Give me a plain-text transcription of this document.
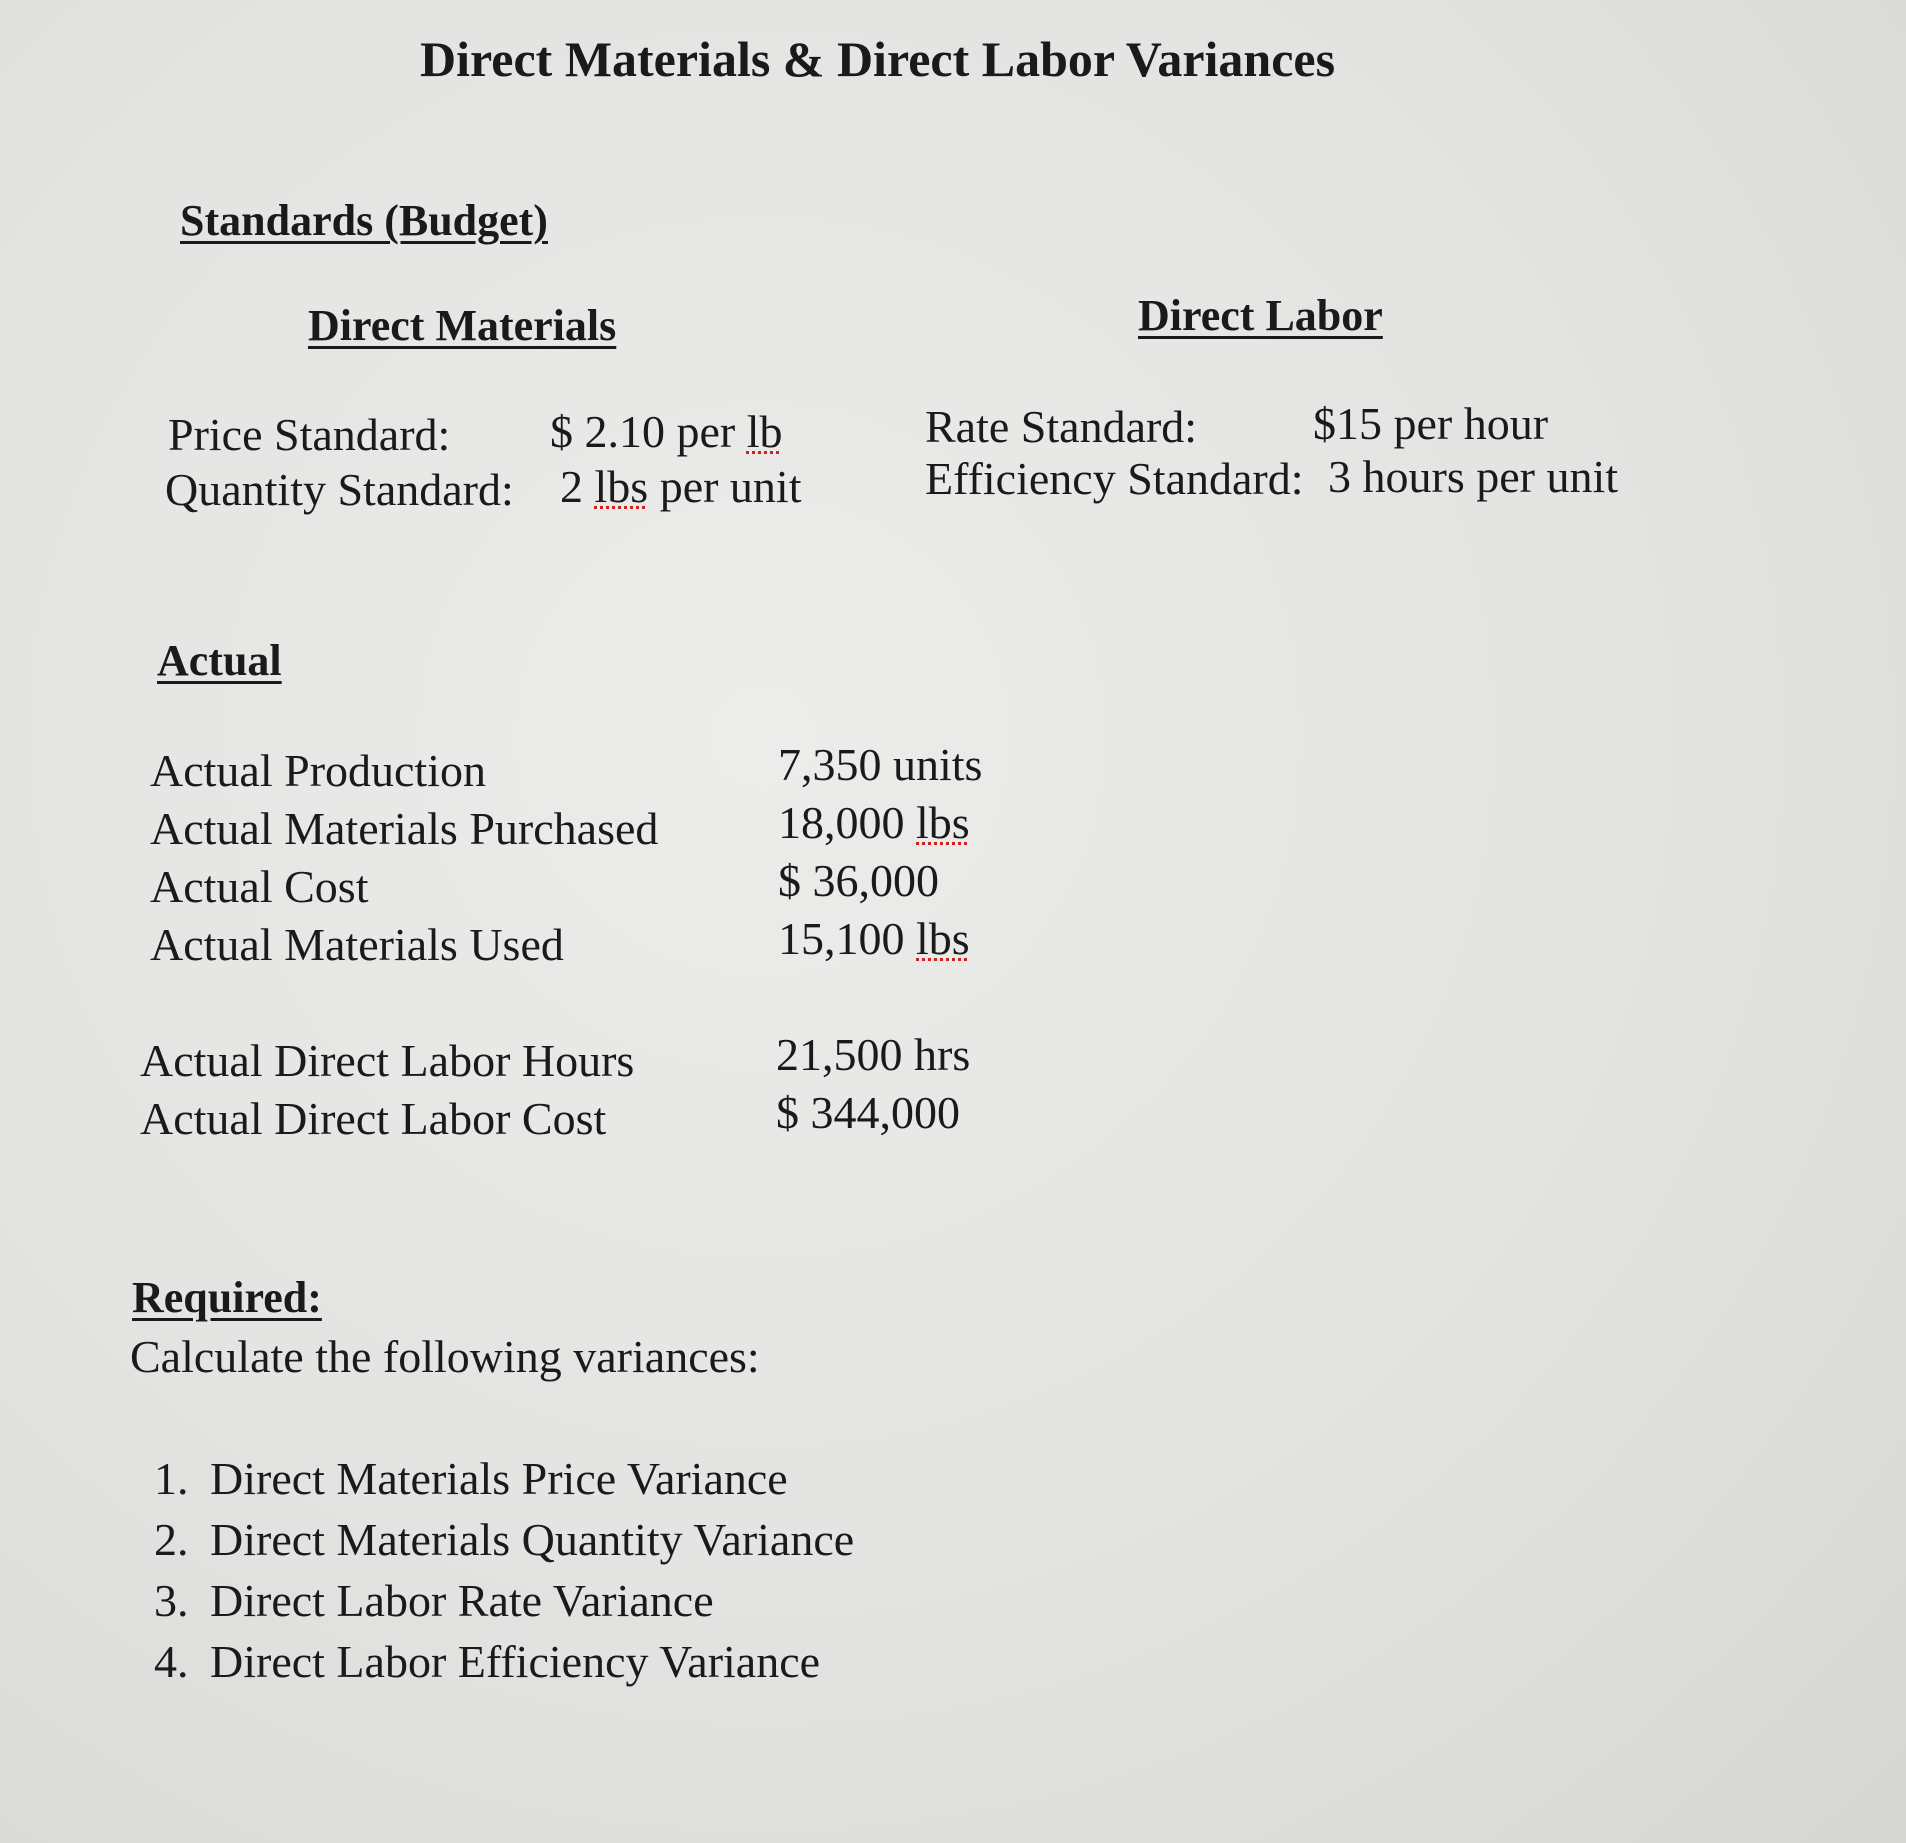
Direct Materials & Direct Labor Variances
Standards (Budget)
Direct Materials	Direct Labor
Price Standard: $ 2.10 per lb
Quantity Standard: 2 lbs per unit
Rate Standard:	$15 per hour
Efficiency Standard: 3 hours per unit
Actual
Actual Production
Actual Materials Purchased
Actual Cost
Actual Materials Used
7,350 units
18,000 lbs
$ 36,000
15,100 lbs
Actual Direct Labor Hours
Actual Direct Labor Cost
21,500 hrs
$ 344,000
Required:
Calculate the following variances:
1. Direct Materials Price Variance
2. Direct Materials Quantity Variance
3. Direct Labor Rate Variance
4. Direct Labor Efficiency Variance
